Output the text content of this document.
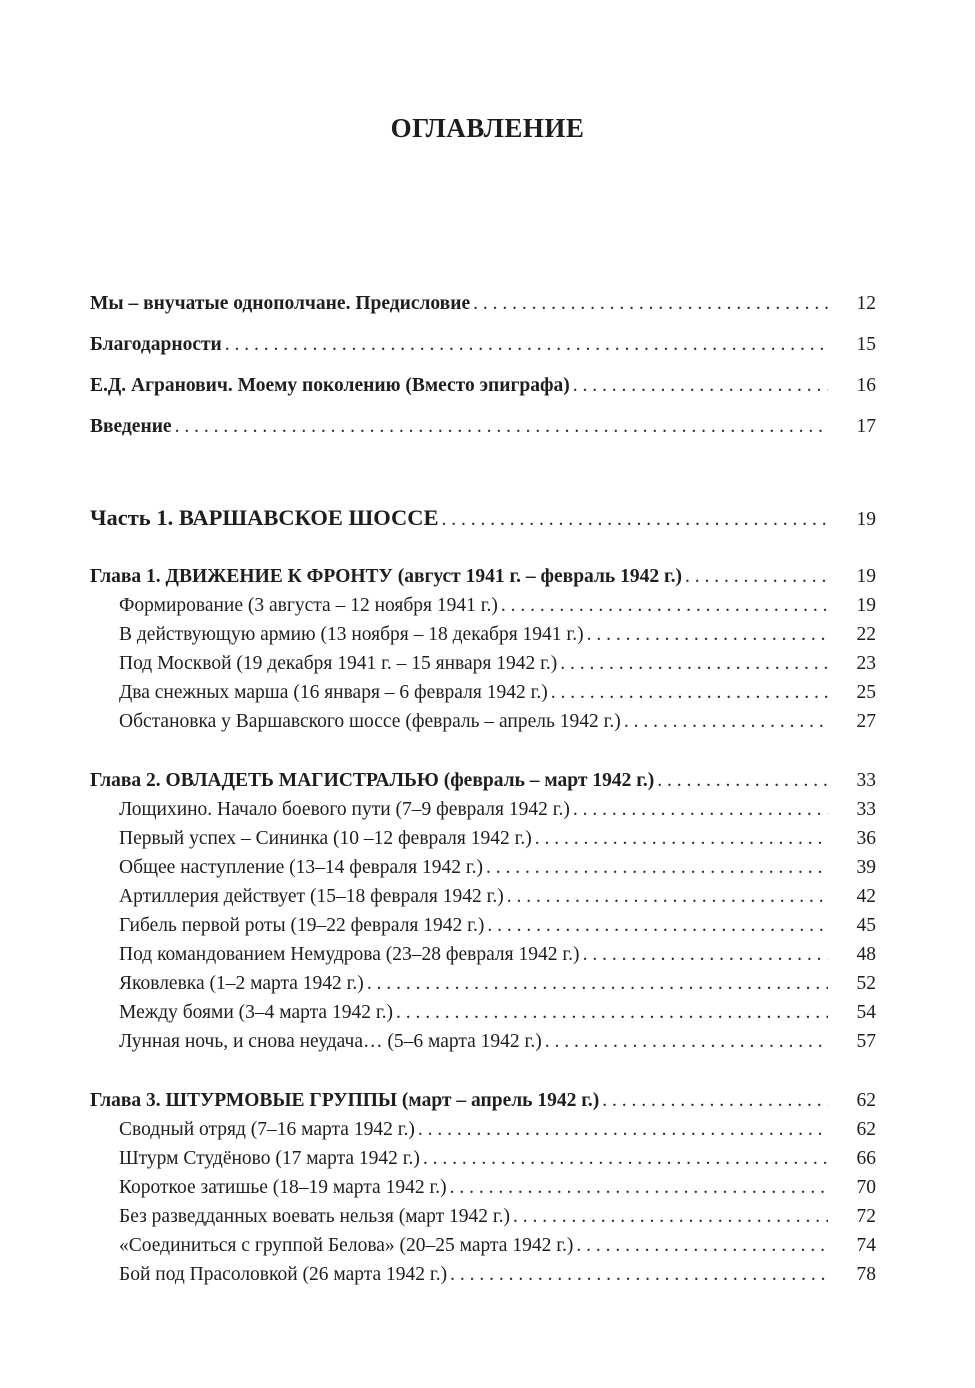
ОГЛАВЛЕНИЕ
Мы – внучатые однополчане. Предисловие . . .	12
Благодарности . . .	15
Е.Д. Агранович. Моему поколению (Вместо эпиграфа) . . .	16
Введение . . .	17
Часть 1. ВАРШАВСКОЕ ШОССЕ . . .	19
Глава 1. ДВИЖЕНИЕ К ФРОНТУ (август 1941 г. – февраль 1942 г.) . . .	19
Формирование (3 августа – 12 ноября 1941 г.) . . .	19
В действующую армию (13 ноября – 18 декабря 1941 г.) . . .	22
Под Москвой (19 декабря 1941 г. – 15 января 1942 г.) . . .	23
Два снежных марша (16 января – 6 февраля 1942 г.) . . .	25
Обстановка у Варшавского шоссе (февраль – апрель 1942 г.) . . .	27
Глава 2. ОВЛАДЕТЬ МАГИСТРАЛЬЮ (февраль – март 1942 г.) . . .	33
Лощихино. Начало боевого пути (7–9 февраля 1942 г.) . . .	33
Первый успех – Сининка (10 –12 февраля 1942 г.) . . .	36
Общее наступление (13–14 февраля 1942 г.) . . .	39
Артиллерия действует (15–18 февраля 1942 г.) . . .	42
Гибель первой роты (19–22 февраля 1942 г.) . . .	45
Под командованием Немудрова (23–28 февраля 1942 г.) . . .	48
Яковлевка (1–2 марта 1942 г.) . . .	52
Между боями (3–4 марта 1942 г.) . . .	54
Лунная ночь, и снова неудача… (5–6 марта 1942 г.) . . .	57
Глава 3. ШТУРМОВЫЕ ГРУППЫ (март – апрель 1942 г.) . . .	62
Сводный отряд (7–16 марта 1942 г.) . . .	62
Штурм Студёново (17 марта 1942 г.) . . .	66
Короткое затишье (18–19 марта 1942 г.) . . .	70
Без разведданных воевать нельзя (март 1942 г.) . . .	72
«Соединиться с группой Белова» (20–25 марта 1942 г.) . . .	74
Бой под Прасоловкой (26 марта 1942 г.) . . .	78
